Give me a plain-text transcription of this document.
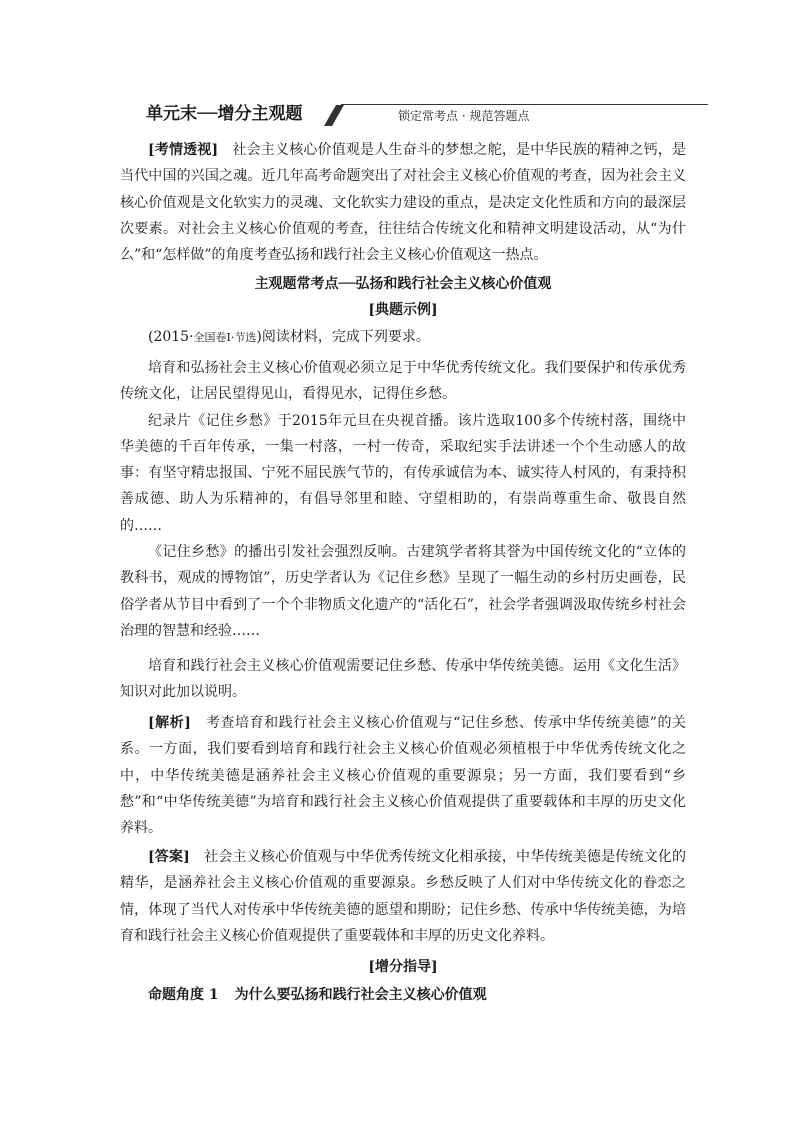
单元末──增分主观题	锁定常考点 · 规范答题点

[考情透视]　社会主义核心价值观是人生奋斗的梦想之舵，是中华民族的精神之钙，是当代中国的兴国之魂。近几年高考命题突出了对社会主义核心价值观的考查，因为社会主义核心价值观是文化软实力的灵魂、文化软实力建设的重点，是决定文化性质和方向的最深层次要素。对社会主义核心价值观的考查，往往结合传统文化和精神文明建设活动，从“为什么”和“怎样做”的角度考查弘扬和践行社会主义核心价值观这一热点。

主观题常考点──弘扬和践行社会主义核心价值观
[典题示例]

(2015·全国卷Ⅰ·节选)阅读材料，完成下列要求。

培育和弘扬社会主义核心价值观必须立足于中华优秀传统文化。我们要保护和传承优秀传统文化，让居民望得见山，看得见水，记得住乡愁。

纪录片《记住乡愁》于2015年元旦在央视首播。该片选取100多个传统村落，围绕中华美德的千百年传承，一集一村落，一村一传奇，采取纪实手法讲述一个个生动感人的故事：有坚守精忠报国、宁死不屈民族气节的，有传承诚信为本、诚实待人村风的，有秉持积善成德、助人为乐精神的，有倡导邻里和睦、守望相助的，有崇尚尊重生命、敬畏自然的……

《记住乡愁》的播出引发社会强烈反响。古建筑学者将其誉为中国传统文化的“立体的教科书，观成的博物馆”，历史学者认为《记住乡愁》呈现了一幅生动的乡村历史画卷，民俗学者从节目中看到了一个个非物质文化遗产的“活化石”，社会学者强调汲取传统乡村社会治理的智慧和经验……

培育和践行社会主义核心价值观需要记住乡愁、传承中华传统美德。运用《文化生活》知识对此加以说明。

[解析]　考查培育和践行社会主义核心价值观与“记住乡愁、传承中华传统美德”的关系。一方面，我们要看到培育和践行社会主义核心价值观必须植根于中华优秀传统文化之中，中华传统美德是涵养社会主义核心价值观的重要源泉；另一方面，我们要看到“乡愁”和“中华传统美德”为培育和践行社会主义核心价值观提供了重要载体和丰厚的历史文化养料。

[答案]　社会主义核心价值观与中华优秀传统文化相承接，中华传统美德是传统文化的精华，是涵养社会主义核心价值观的重要源泉。乡愁反映了人们对中华传统文化的眷恋之情，体现了当代人对传承中华传统美德的愿望和期盼；记住乡愁、传承中华传统美德，为培育和践行社会主义核心价值观提供了重要载体和丰厚的历史文化养料。

[增分指导]

命题角度 1 为什么要弘扬和践行社会主义核心价值观
